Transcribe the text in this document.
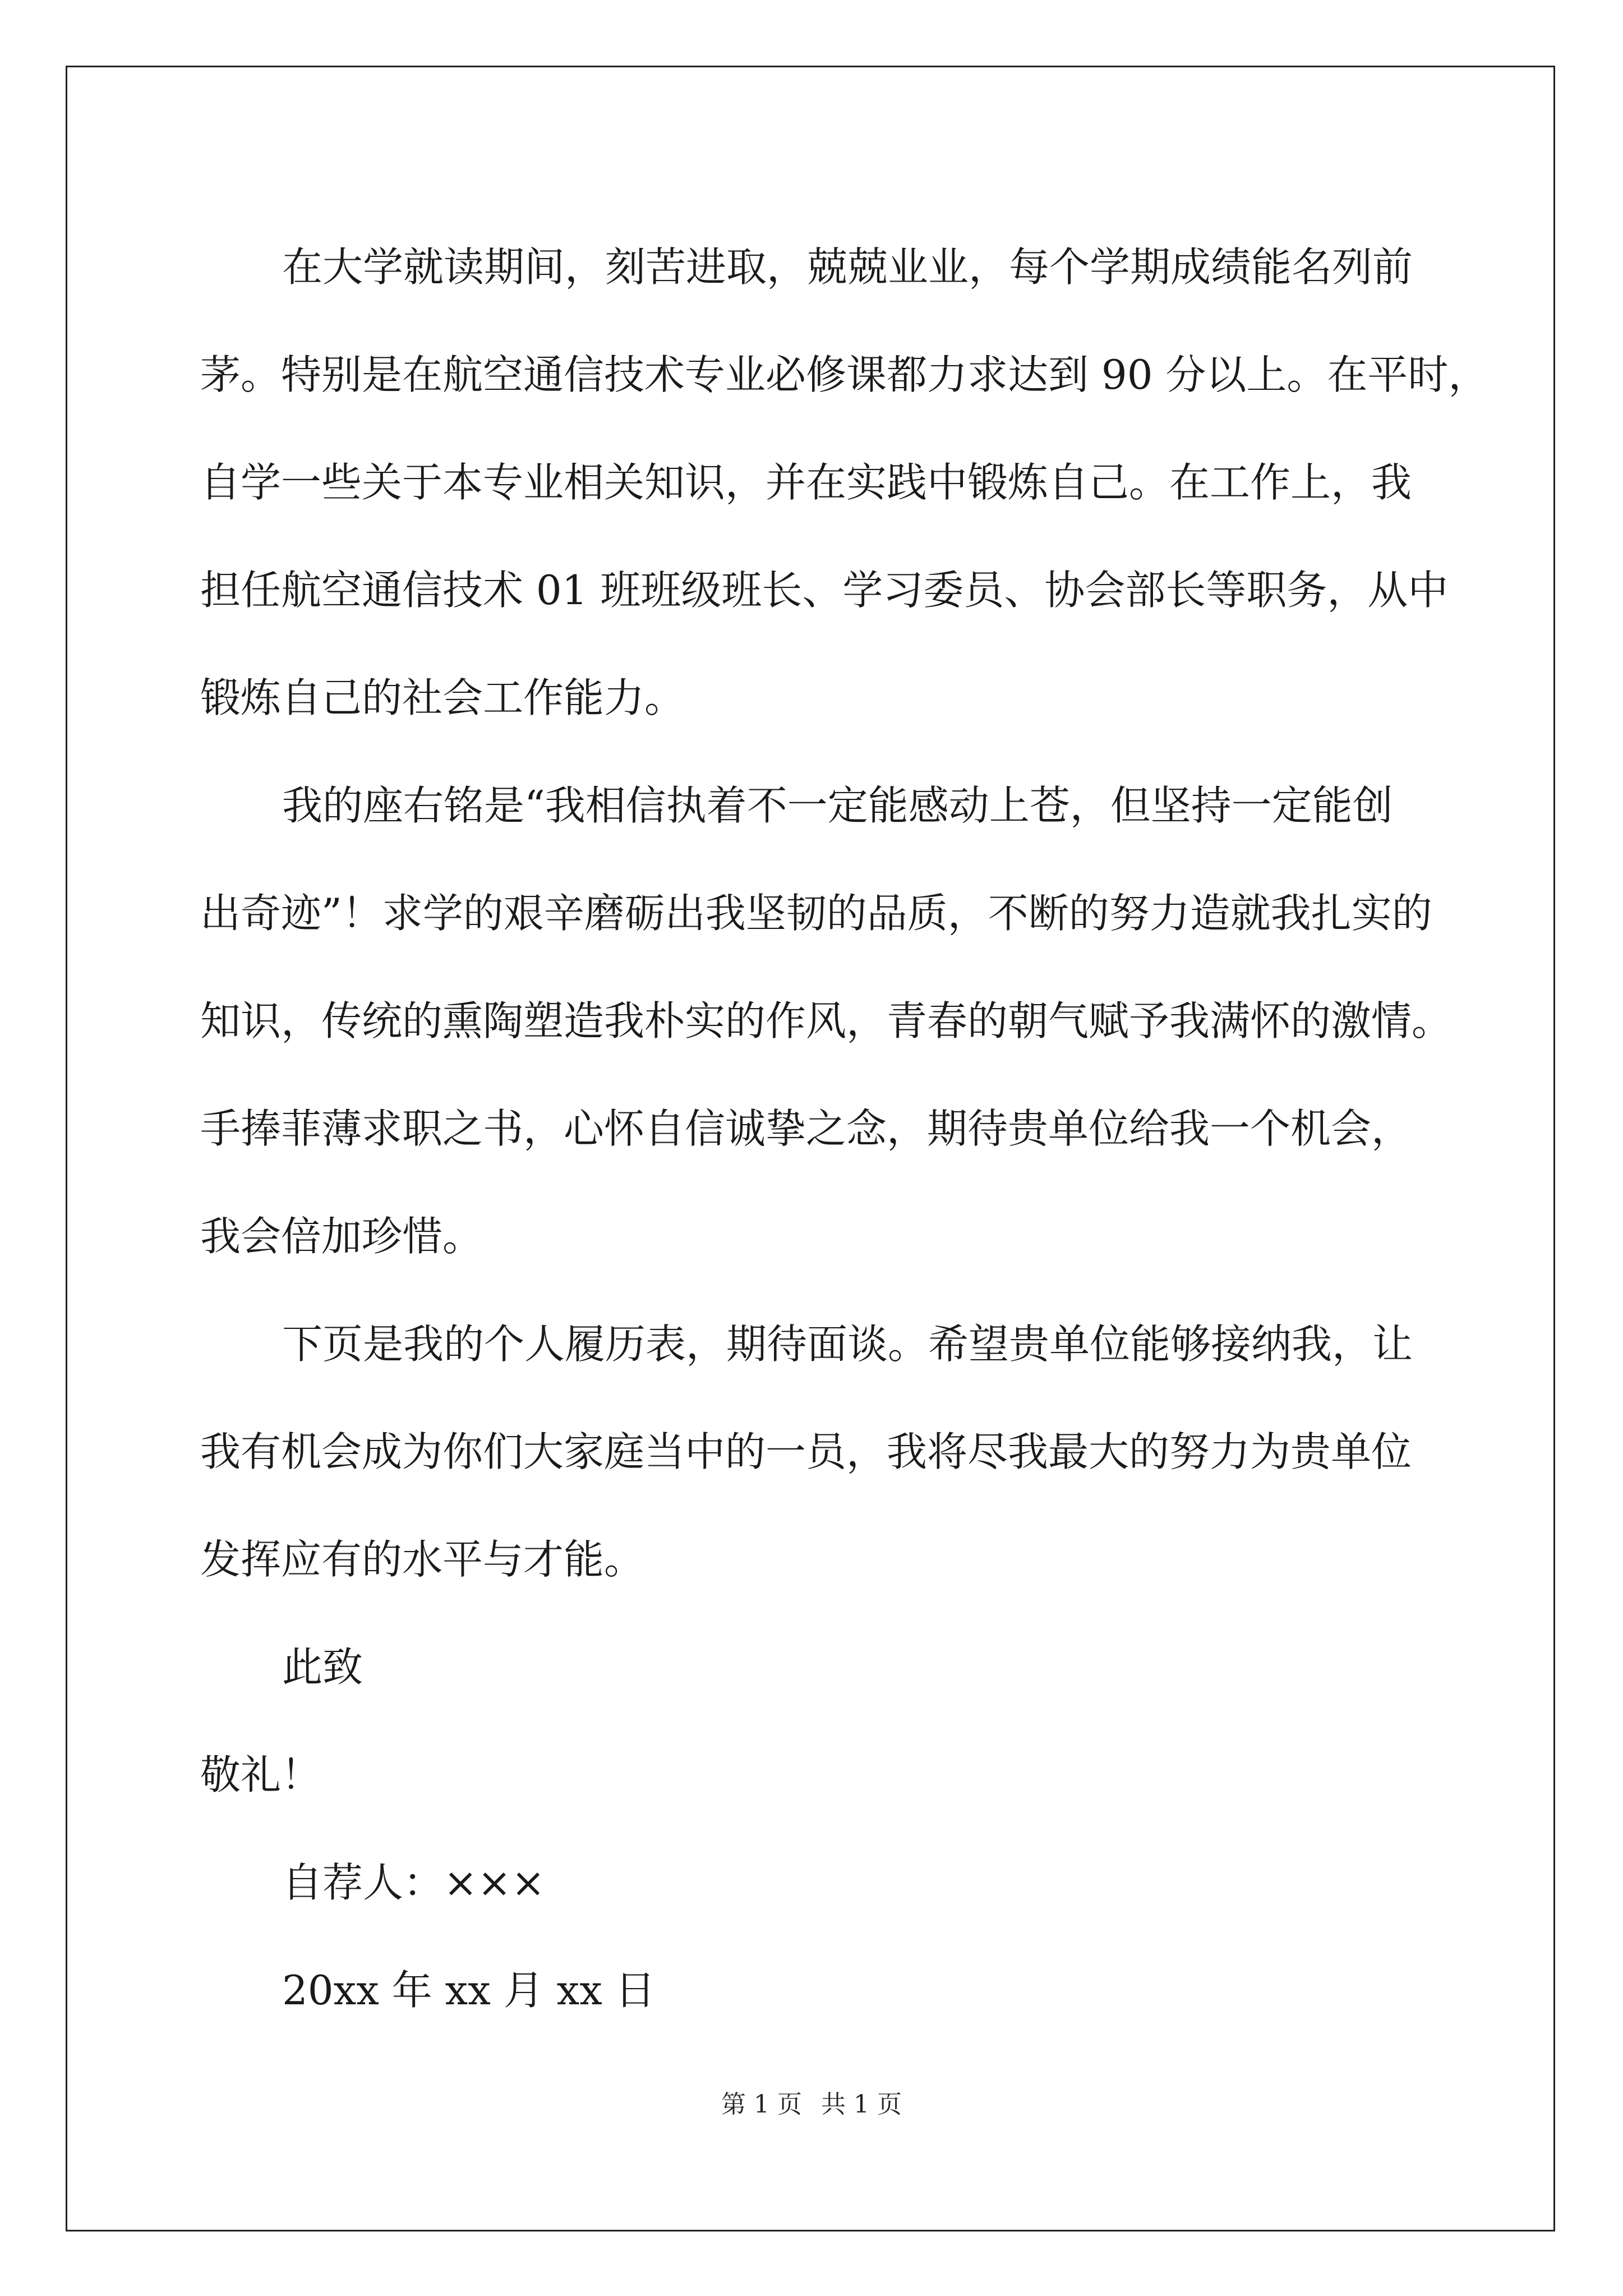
在大学就读期间，刻苦进取，兢兢业业，每个学期成绩能名列前
茅。特别是在航空通信技术专业必修课都力求达到 90 分以上。在平时，
自学一些关于本专业相关知识，并在实践中锻炼自己。在工作上，我
担任航空通信技术 01 班班级班长、学习委员、协会部长等职务，从中
锻炼自己的社会工作能力。
我的座右铭是“我相信执着不一定能感动上苍，但坚持一定能创
出奇迹”！求学的艰辛磨砺出我坚韧的品质，不断的努力造就我扎实的
知识，传统的熏陶塑造我朴实的作风，青春的朝气赋予我满怀的激情。
手捧菲薄求职之书，心怀自信诚挚之念，期待贵单位给我一个机会，
我会倍加珍惜。
下页是我的个人履历表，期待面谈。希望贵单位能够接纳我，让
我有机会成为你们大家庭当中的一员，我将尽我最大的努力为贵单位
发挥应有的水平与才能。
此致
敬礼！
自荐人：×××
20xx 年 xx 月 xx 日
第 1 页 共 1 页
